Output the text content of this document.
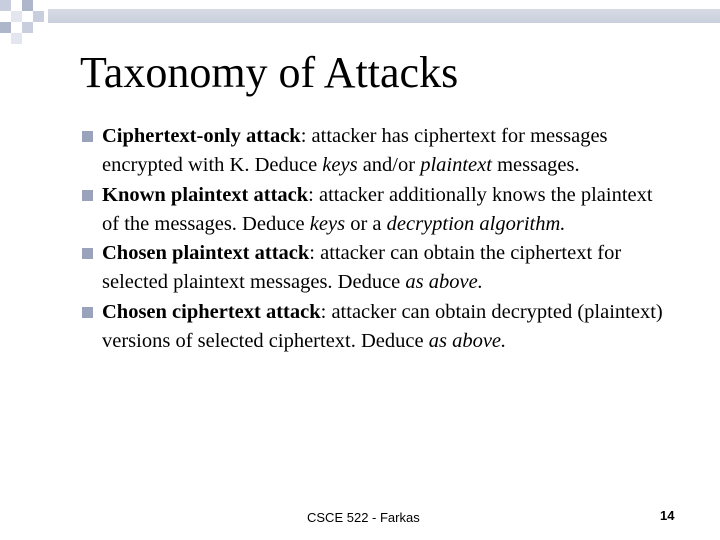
Taxonomy of Attacks
Ciphertext-only attack: attacker has ciphertext for messages encrypted with K. Deduce keys and/or plaintext messages.
Known plaintext attack: attacker additionally knows the plaintext of the messages. Deduce keys or a decryption algorithm.
Chosen plaintext attack: attacker can obtain the ciphertext for selected plaintext messages. Deduce as above.
Chosen ciphertext attack: attacker can obtain decrypted (plaintext) versions of selected ciphertext. Deduce as above.
CSCE 522 - Farkas	14
